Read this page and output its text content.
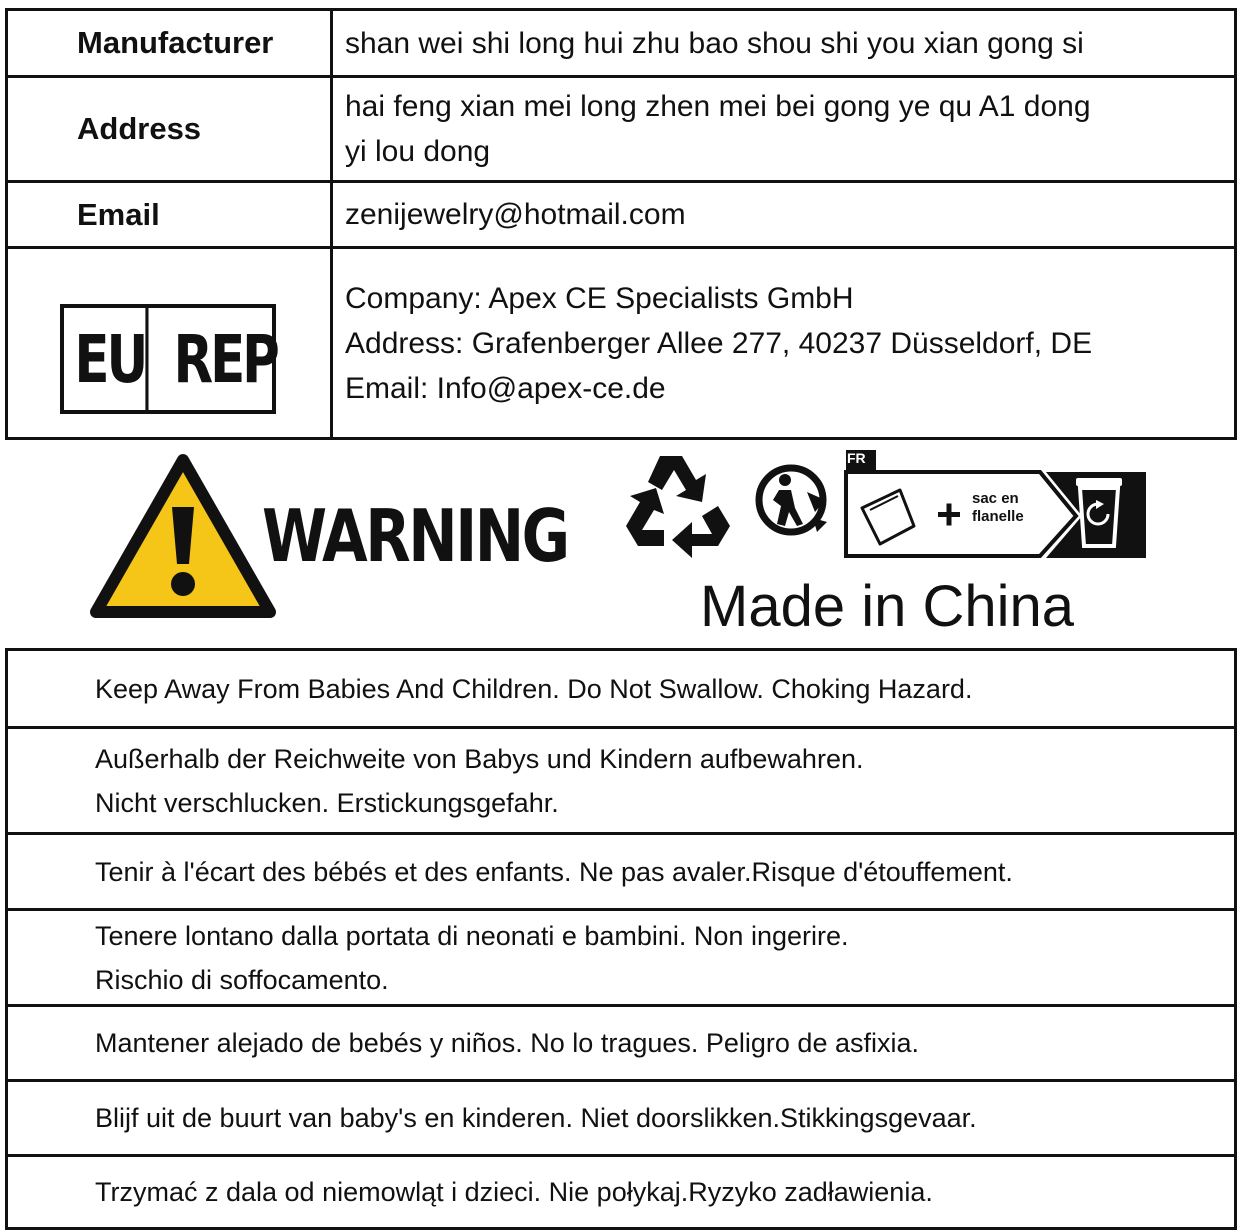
Manufacturer	shan wei shi long hui zhu bao shou shi you xian gong si
Address
hai feng xian mei long zhen mei bei gong ye qu A1 dong
yi lou dong
Email	zenijewelry@hotmail.com
EU REP
Company: Apex CE Specialists GmbH
Address: Grafenberger Allee 277, 40237 Düsseldorf, DE
Email: Info@apex-ce.de
WARNING
FR
sac en
flanelle
Made in China
Keep Away From Babies And Children. Do Not Swallow. Choking Hazard.
Außerhalb der Reichweite von Babys und Kindern aufbewahren.
Nicht verschlucken. Erstickungsgefahr.
Tenir à l'écart des bébés et des enfants. Ne pas avaler.Risque d'étouffement.
Tenere lontano dalla portata di neonati e bambini. Non ingerire.
Rischio di soffocamento.
Mantener alejado de bebés y niños. No lo tragues. Peligro de asfixia.
Blijf uit de buurt van baby's en kinderen. Niet doorslikken.Stikkingsgevaar.
Trzymać z dala od niemowląt i dzieci. Nie połykaj.Ryzyko zadławienia.
